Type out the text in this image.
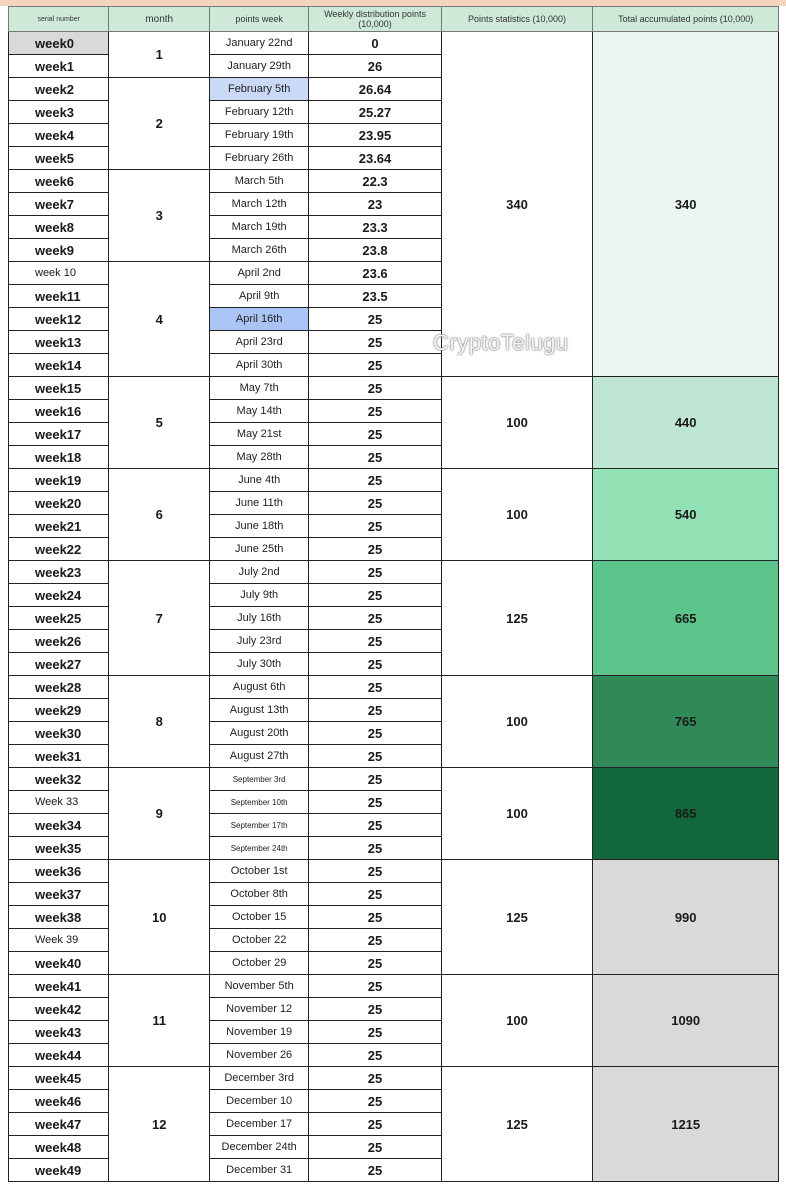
serial number	month	points week	Weekly distribution points (10,000)	Points statistics (10,000)	Total accumulated points (10,000)
week0	1	January 22nd	0	340	340
week1		January 29th	26		
week2	2	February 5th	26.64		
week3		February 12th	25.27		
week4		February 19th	23.95		
week5		February 26th	23.64		
week6	3	March 5th	22.3		
week7		March 12th	23		
week8		March 19th	23.3		
week9		March 26th	23.8		
week 10	4	April 2nd	23.6		
week11		April 9th	23.5		
week12		April 16th	25		
week13		April 23rd	25		
week14		April 30th	25		
week15	5	May 7th	25	100	440
week16		May 14th	25		
week17		May 21st	25		
week18		May 28th	25		
week19	6	June 4th	25	100	540
week20		June 11th	25		
week21		June 18th	25		
week22		June 25th	25		
week23	7	July 2nd	25	125	665
week24		July 9th	25		
week25		July 16th	25		
week26		July 23rd	25		
week27		July 30th	25		
week28	8	August 6th	25	100	765
week29		August 13th	25		
week30		August 20th	25		
week31		August 27th	25		
week32	9	September 3rd	25	100	865
Week 33		September 10th	25		
week34		September 17th	25		
week35		September 24th	25		
week36	10	October 1st	25	125	990
week37		October 8th	25		
week38		October 15	25		
Week 39		October 22	25		
week40		October 29	25		
week41	11	November 5th	25	100	1090
week42		November 12	25		
week43		November 19	25		
week44		November 26	25		
week45	12	December 3rd	25	125	1215
week46		December 10	25		
week47		December 17	25		
week48		December 24th	25		
week49		December 31	25		
CryptoTelugu
